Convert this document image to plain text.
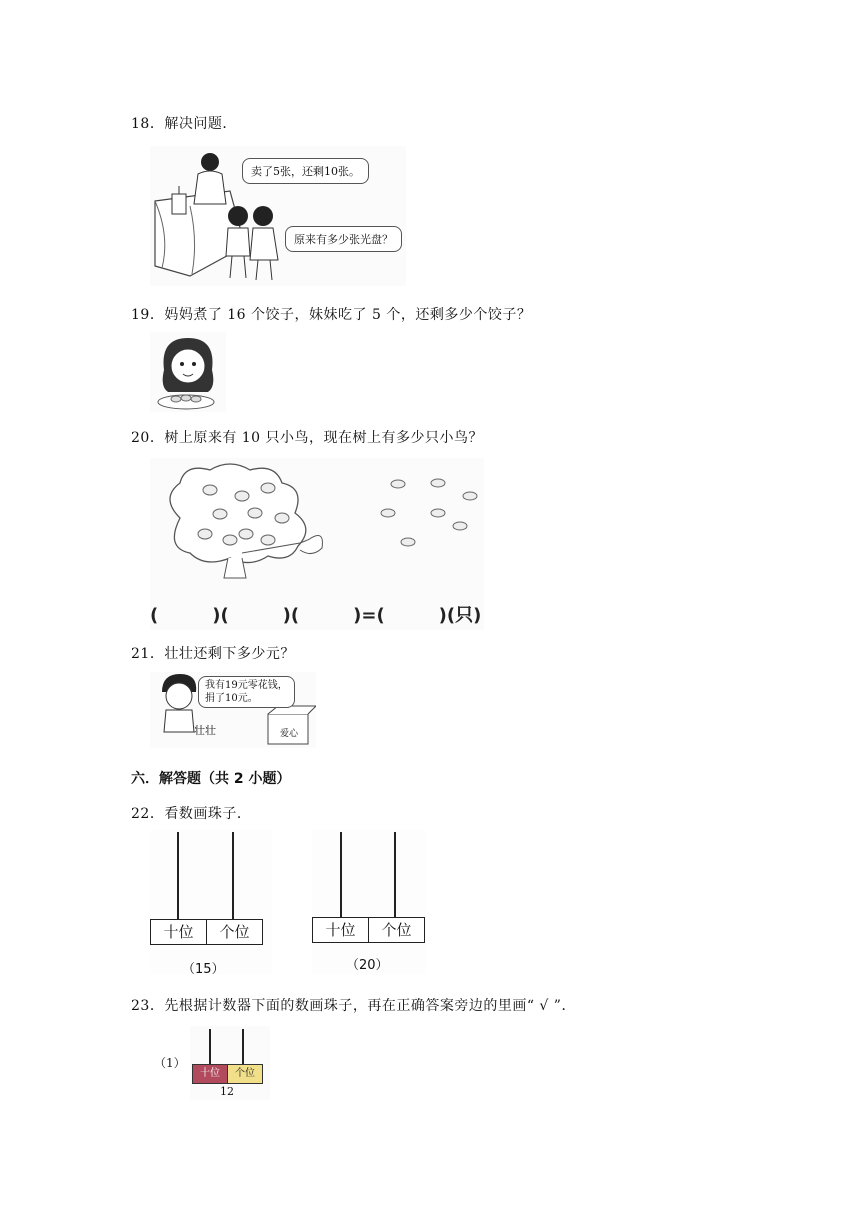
18．解决问题．
卖了5张，还剩10张。
原来有多少张光盘？
19．妈妈煮了 16 个饺子，妹妹吃了 5 个，还剩多少个饺子？
20．树上原来有 10 只小鸟，现在树上有多少只小鸟？
(　　　)(　　　)(　　　)=(　　　)(只)
21．壮壮还剩下多少元？
我有19元零花钱，
捐了10元。
壮壮	爱心
六．解答题（共 2 小题）
22．看数画珠子．
十位	个位
（15）
十位	个位
（20）
23．先根据计数器下面的数画珠子，再在正确答案旁边的里画“ √ ”．
（1）
十位	个位
12
